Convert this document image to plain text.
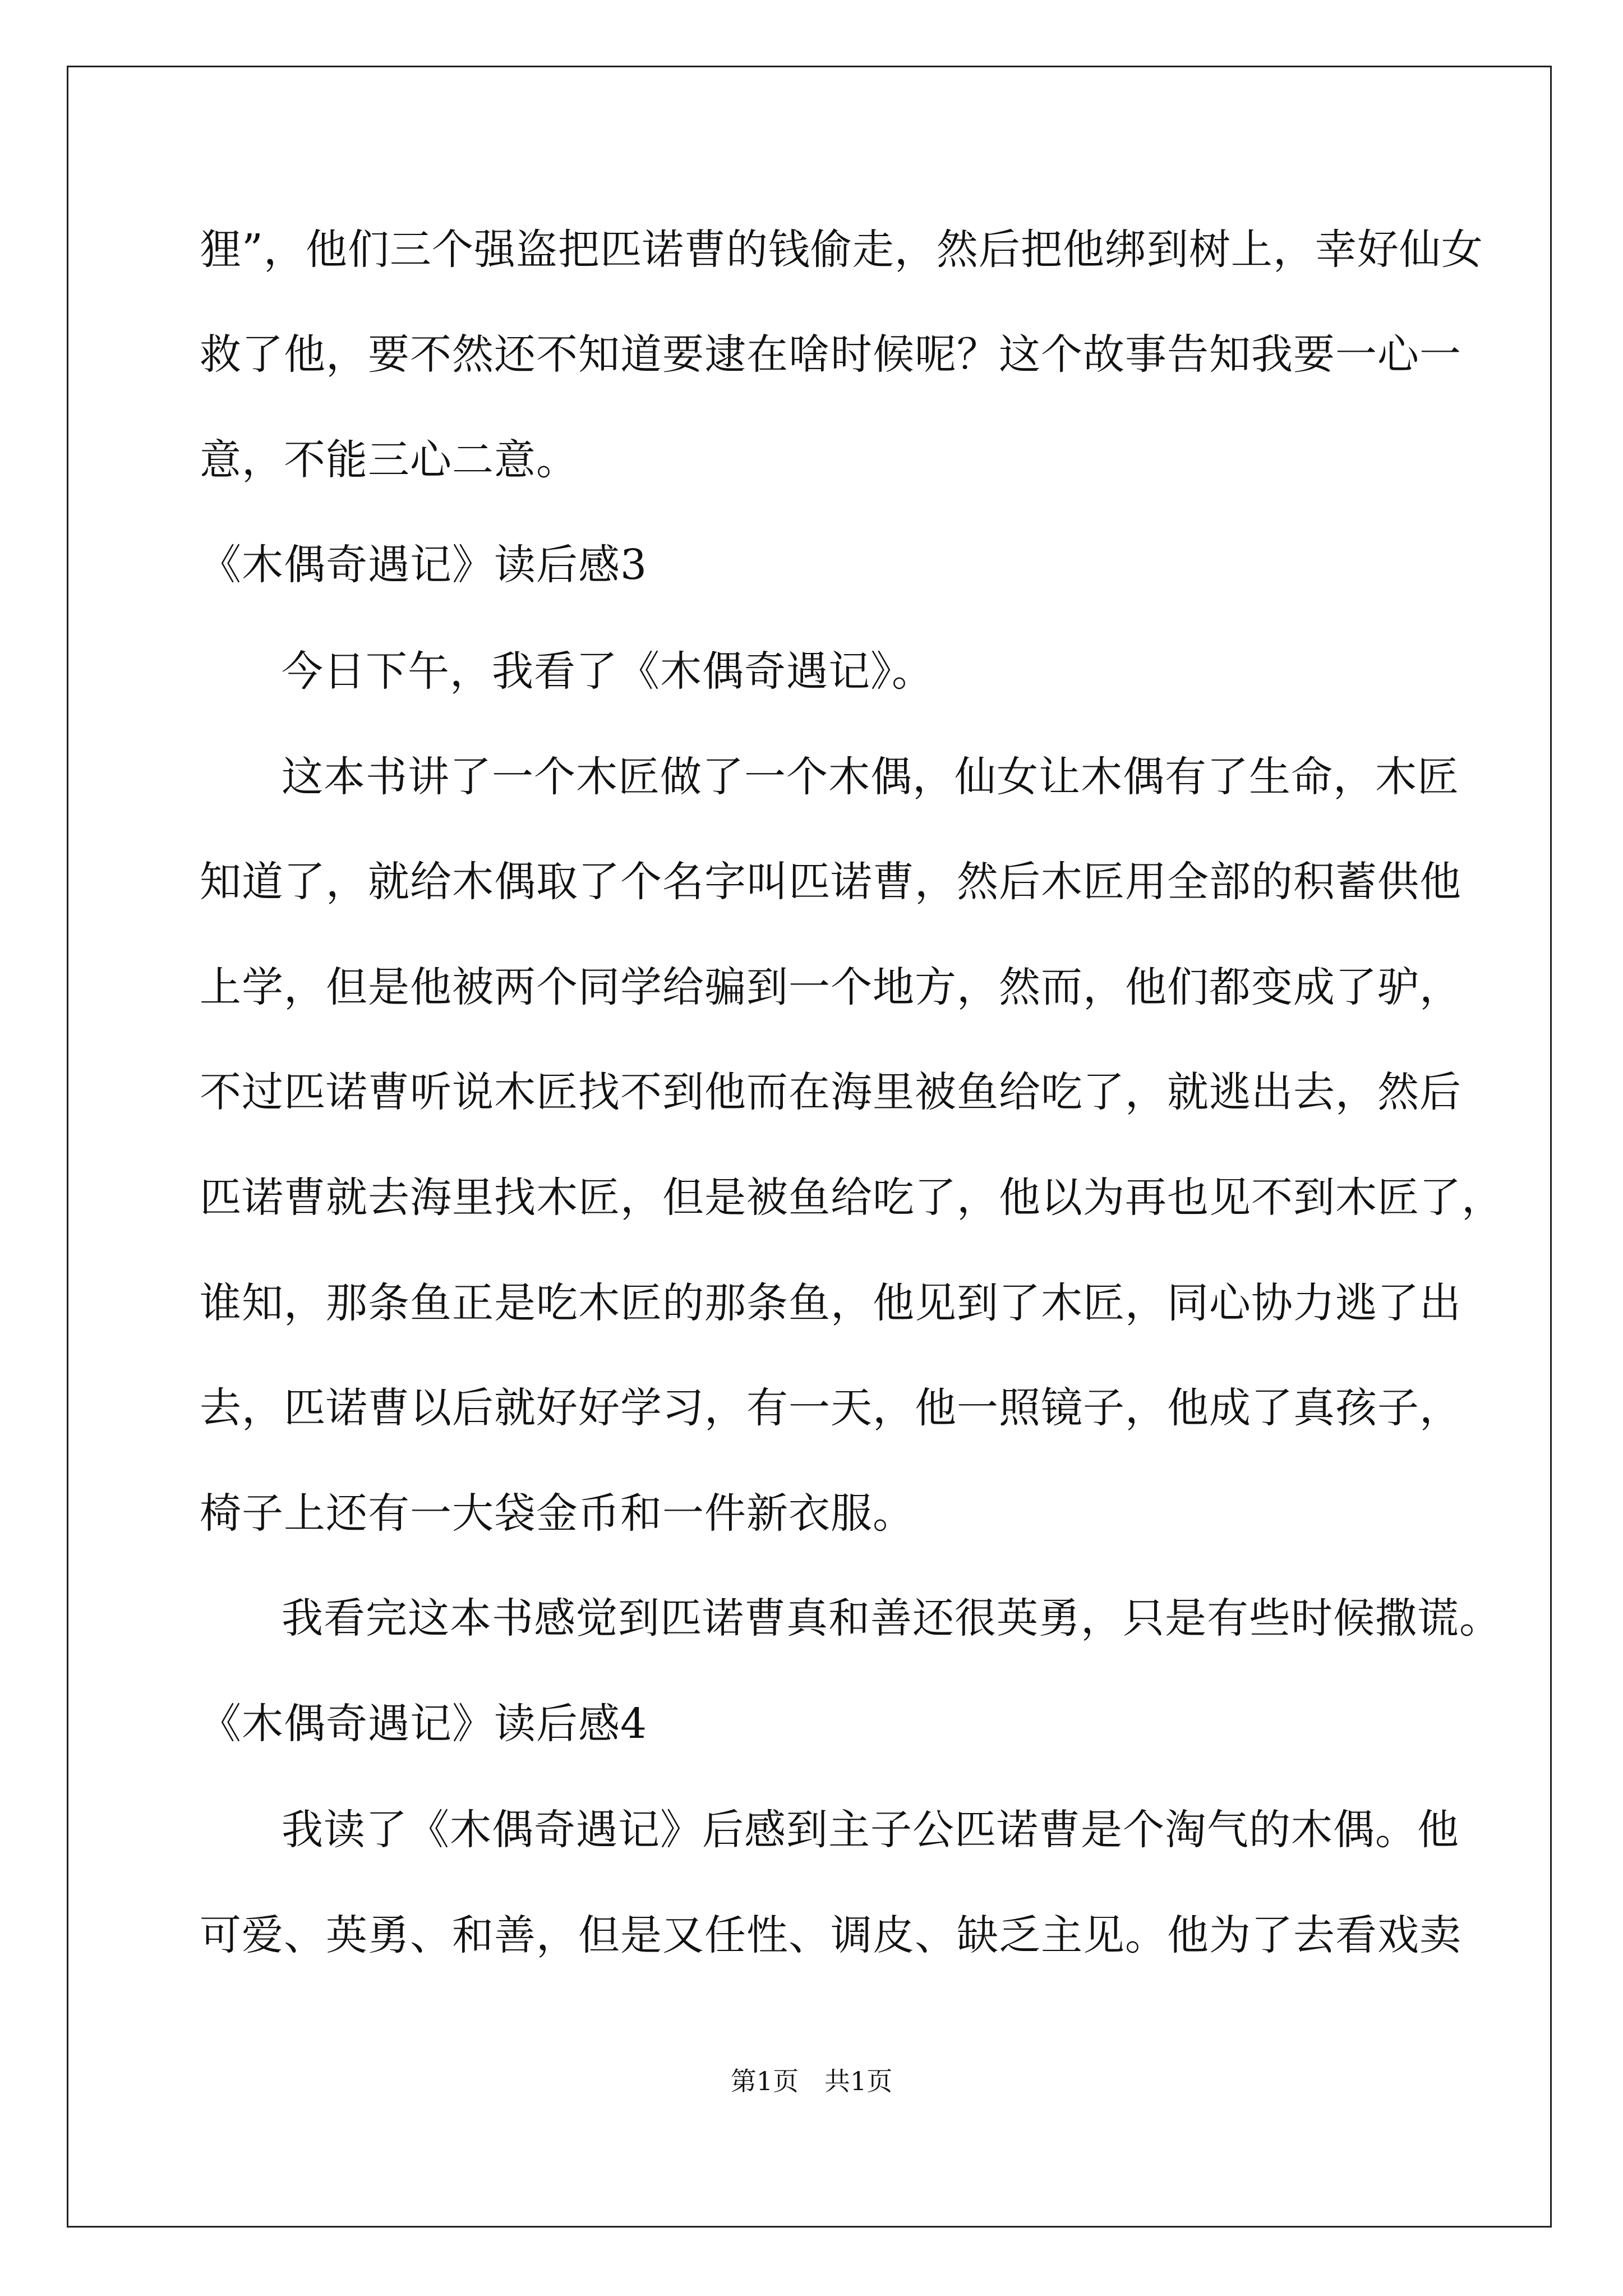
狸”，他们三个强盗把匹诺曹的钱偷走，然后把他绑到树上，幸好仙女

救了他，要不然还不知道要逮在啥时候呢？这个故事告知我要一心一

意，不能三心二意。

《木偶奇遇记》读后感3

今日下午，我看了《木偶奇遇记》。

这本书讲了一个木匠做了一个木偶，仙女让木偶有了生命，木匠

知道了，就给木偶取了个名字叫匹诺曹，然后木匠用全部的积蓄供他

上学，但是他被两个同学给骗到一个地方，然而，他们都变成了驴，

不过匹诺曹听说木匠找不到他而在海里被鱼给吃了，就逃出去，然后

匹诺曹就去海里找木匠，但是被鱼给吃了，他以为再也见不到木匠了，

谁知，那条鱼正是吃木匠的那条鱼，他见到了木匠，同心协力逃了出

去，匹诺曹以后就好好学习，有一天，他一照镜子，他成了真孩子，

椅子上还有一大袋金币和一件新衣服。

我看完这本书感觉到匹诺曹真和善还很英勇，只是有些时候撒谎。

《木偶奇遇记》读后感4

我读了《木偶奇遇记》后感到主子公匹诺曹是个淘气的木偶。他

可爱、英勇、和善，但是又任性、调皮、缺乏主见。他为了去看戏卖

第1页　共1页
